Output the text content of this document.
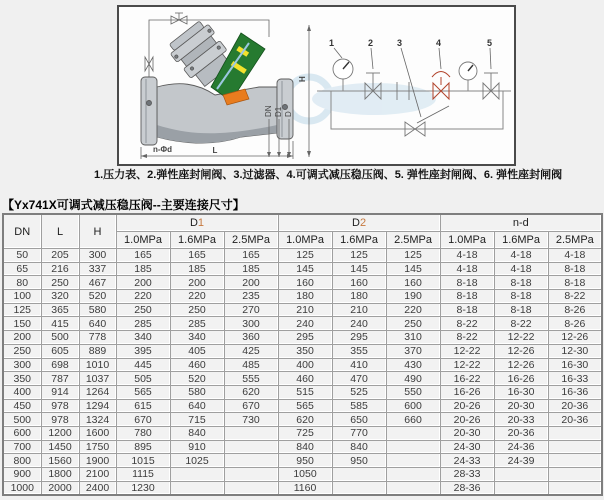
L
n-Φd
DN D1 D
H
1	2	3	4	5
1.压力表、2.弹性座封闸阀、3.过滤器、4.可调式减压稳压阀、5. 弹性座封闸阀、6. 弹性座封闸阀
【Yx741X可调式减压稳压阀--主要连接尺寸】
DN	L	H	D1			D2			n-d		
			1.0MPa	1.6MPa	2.5MPa	1.0MPa	1.6MPa	2.5MPa	1.0MPa	1.6MPa	2.5MPa
50	205	300	165	165	165	125	125	125	4-18	4-18	4-18
65	216	337	185	185	185	145	145	145	4-18	4-18	8-18
80	250	467	200	200	200	160	160	160	8-18	8-18	8-18
100	320	520	220	220	235	180	180	190	8-18	8-18	8-22
125	365	580	250	250	270	210	210	220	8-18	8-18	8-26
150	415	640	285	285	300	240	240	250	8-22	8-22	8-26
200	500	778	340	340	360	295	295	310	8-22	12-22	12-26
250	605	889	395	405	425	350	355	370	12-22	12-26	12-30
300	698	1010	445	460	485	400	410	430	12-22	12-26	16-30
350	787	1037	505	520	555	460	470	490	16-22	16-26	16-33
400	914	1264	565	580	620	515	525	550	16-26	16-30	16-36
450	978	1294	615	640	670	565	585	600	20-26	20-30	20-36
500	978	1324	670	715	730	620	650	660	20-26	20-33	20-36
600	1200	1600	780	840		725	770		20-30	20-36	
700	1450	1750	895	910		840	840		24-30	24-36	
800	1560	1900	1015	1025		950	950		24-33	24-39	
900	1800	2100	1115			1050			28-33		
1000	2000	2400	1230			1160			28-36		
